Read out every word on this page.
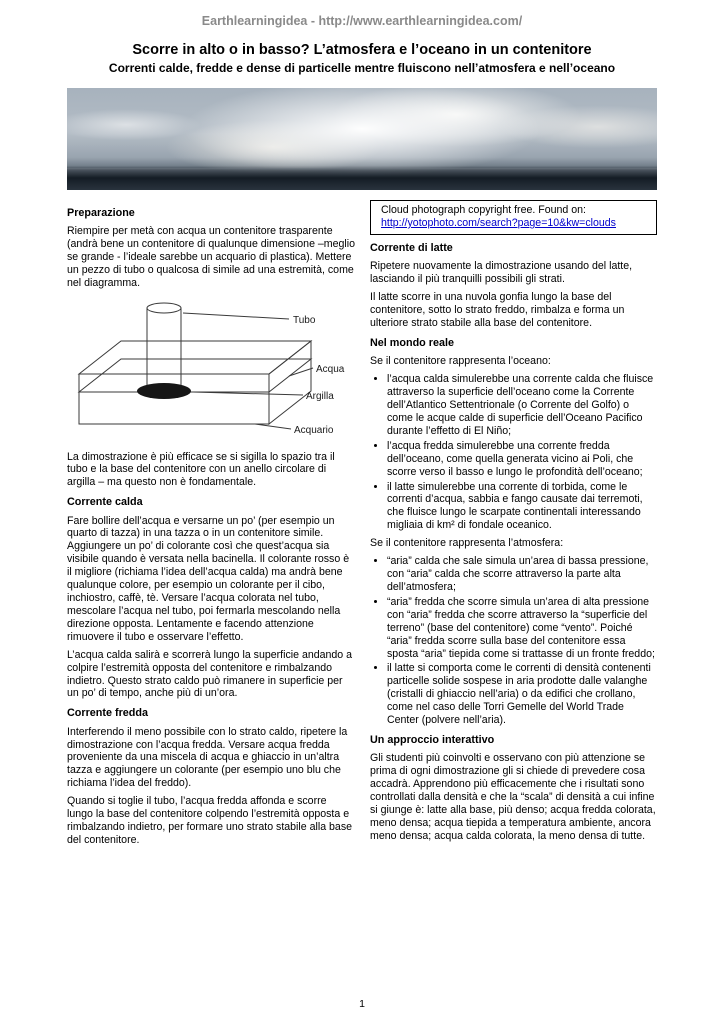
Earthlearningidea - http://www.earthlearningidea.com/
Scorre in alto o in basso? L’atmosfera e l’oceano in un contenitore
Correnti calde, fredde e dense di particelle mentre fluiscono nell’atmosfera e nell’oceano
Preparazione

Riempire per metà con acqua un contenitore trasparente (andrà bene un contenitore di qualunque dimensione –meglio se grande - l’ideale sarebbe un acquario di plastica). Mettere un pezzo di tubo o qualcosa di simile ad una estremità, come nel diagramma.

Tubo
Acqua
Argilla
Acquario

La dimostrazione è più efficace se si sigilla lo spazio tra il tubo e la base del contenitore con un anello circolare di argilla – ma questo non è fondamentale.

Corrente calda

Fare bollire dell’acqua e versarne un po’ (per esempio un quarto di tazza) in una tazza o in un contenitore simile. Aggiungere un po’ di colorante così che quest’acqua sia visibile quando è versata nella bacinella. Il colorante rosso è il migliore (richiama l’idea dell’acqua calda) ma andrà bene qualunque colore, per esempio un colorante per il cibo, inchiostro, caffè, tè. Versare l’acqua colorata nel tubo, mescolare l’acqua nel tubo, poi fermarla mescolando nella direzione opposta. Lentamente e facendo attenzione rimuovere il tubo e osservare l’effetto.

L’acqua calda salirà e scorrerà lungo la superficie andando a colpire l’estremità opposta del contenitore e rimbalzando indietro. Questo strato caldo può rimanere in superficie per un po’ di tempo, anche più di un’ora.

Corrente fredda

Interferendo il meno possibile con lo strato caldo, ripetere la dimostrazione con l’acqua fredda. Versare acqua fredda proveniente da una miscela di acqua e ghiaccio in un’altra tazza e aggiungere un colorante (per esempio uno blu che richiama l’idea del freddo).

Quando si toglie il tubo, l’acqua fredda affonda e scorre lungo la base del contenitore colpendo l’estremità opposta e rimbalzando indietro, per formare uno strato stabile alla base del contenitore.

Cloud photograph copyright free. Found on:
http://yotophoto.com/search?page=10&kw=clouds
Corrente di latte

Ripetere nuovamente la dimostrazione usando del latte, lasciando il più tranquilli possibili gli strati.

Il latte scorre in una nuvola gonfia lungo la base del contenitore, sotto lo strato freddo, rimbalza e forma un ulteriore strato stabile alla base del contenitore.

Nel mondo reale

Se il contenitore rappresenta l’oceano:

• l’acqua calda simulerebbe una corrente calda che fluisce attraverso la superficie dell’oceano come la Corrente dell’Atlantico Settentrionale (o Corrente del Golfo) o come le acque calde di superficie dell’Oceano Pacifico durante l’effetto di El Niño;
• l’acqua fredda simulerebbe una corrente fredda dell’oceano, come quella generata vicino ai Poli, che scorre verso il basso e lungo le profondità dell’oceano;
• il latte simulerebbe una corrente di torbida, come le correnti d’acqua, sabbia e fango causate dai terremoti, che fluisce lungo le scarpate continentali interessando migliaia di km² di fondale oceanico.

Se il contenitore rappresenta l’atmosfera:

• “aria” calda che sale simula un’area di bassa pressione, con “aria” calda che scorre attraverso la parte alta dell’atmosfera;
• “aria” fredda che scorre simula un’area di alta pressione con “aria” fredda che scorre attraverso la “superficie del terreno” (base del contenitore) come “vento”. Poiché “aria” fredda scorre sulla base del contenitore essa sposta “aria” tiepida come si trattasse di un fronte freddo;
• il latte si comporta come le correnti di densità contenenti particelle solide sospese in aria prodotte dalle valanghe (cristalli di ghiaccio nell’aria) o da edifici che crollano, come nel caso delle Torri Gemelle del World Trade Center (polvere nell’aria).
Un approccio interattivo

Gli studenti più coinvolti e osservano con più attenzione se prima di ogni dimostrazione gli si chiede di prevedere cosa accadrà. Apprendono più efficacemente che i risultati sono controllati dalla densità e che la “scala” di densità a cui infine si giunge è: latte alla base, più denso; acqua fredda colorata, meno densa; acqua tiepida a temperatura ambiente, ancora meno densa; acqua calda colorata, la meno densa di tutte.

1
